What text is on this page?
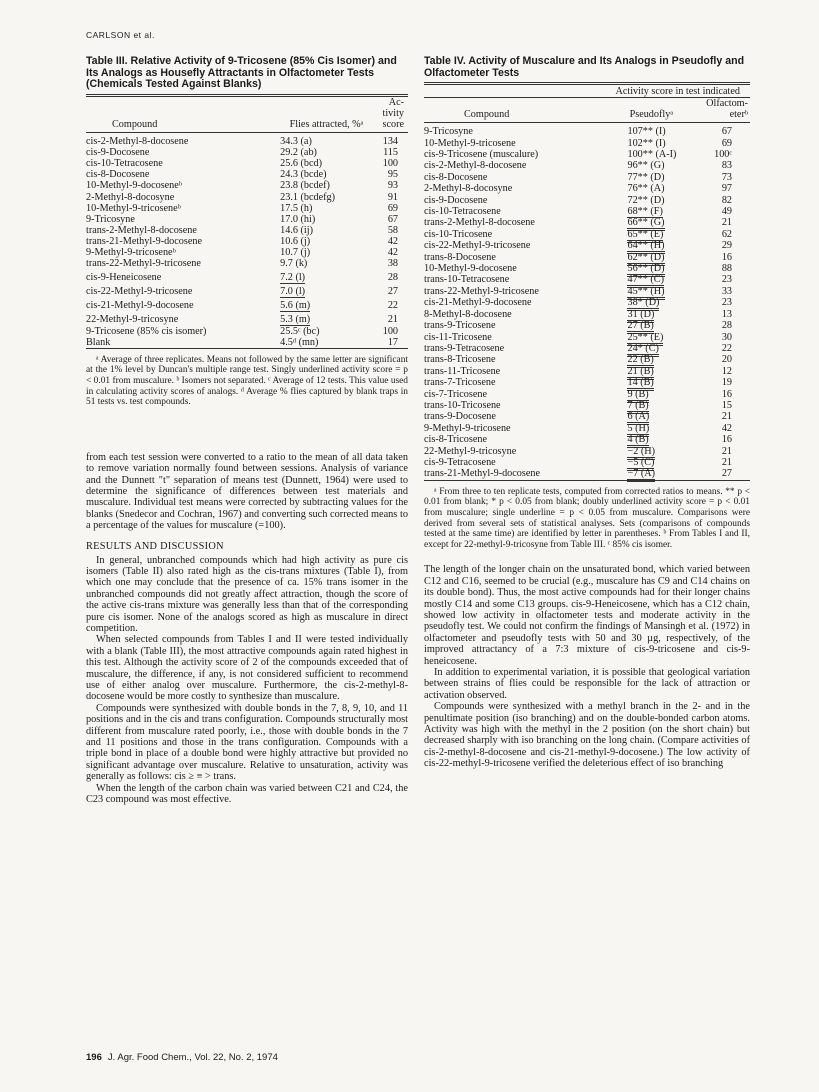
CARLSON et al.

Table III. Relative Activity of 9-Tricosene (85% Cis Isomer) and Its Analogs as Housefly Attractants in Olfactometer Tests (Chemicals Tested Against Blanks)

Compound	Flies attracted, %ᵃ	Ac- tivity score
cis-2-Methyl-8-docosene	34.3 (a)	134
cis-9-Docosene	29.2 (ab)	115
cis-10-Tetracosene	25.6 (bcd)	100
cis-8-Docosene	24.3 (bcde)	95
10-Methyl-9-docoseneᵇ	23.8 (bcdef)	93
2-Methyl-8-docosyne	23.1 (bcdefg)	91
10-Methyl-9-tricoseneᵇ	17.5 (h)	69
9-Tricosyne	17.0 (hi)	67
trans-2-Methyl-8-docosene	14.6 (ij)	58
trans-21-Methyl-9-docosene	10.6 (j)	42
9-Methyl-9-tricoseneᵇ	10.7 (j)	42
trans-22-Methyl-9-tricosene	9.7 (k)	38
cis-9-Heneicosene	7.2 (l)	28
cis-22-Methyl-9-tricosene	7.0 (l)	27
cis-21-Methyl-9-docosene	5.6 (m)	22
22-Methyl-9-tricosyne	5.3 (m)	21
9-Tricosene (85% cis isomer)	25.5ᶜ (bc)	100
Blank	4.5ᵈ (mn)	17

ᵃ Average of three replicates. Means not followed by the same letter are significant at the 1% level by Duncan's multiple range test. Singly underlined activity score = p < 0.01 from muscalure. ᵇ Isomers not separated. ᶜ Average of 12 tests. This value used in calculating activity scores of analogs. ᵈ Average % flies captured by blank traps in 51 tests vs. test compounds.

from each test session were converted to a ratio to the mean of all data taken to remove variation normally found between sessions. Analysis of variance and the Dunnett "t" separation of means test (Dunnett, 1964) were used to determine the significance of differences between test materials and muscalure. Individual test means were corrected by subtracting values for the blanks (Snedecor and Cochran, 1967) and converting such corrected means to a percentage of the values for muscalure (=100).

RESULTS AND DISCUSSION

In general, unbranched compounds which had high activity as pure cis isomers (Table II) also rated high as the cis-trans mixtures (Table I), from which one may conclude that the presence of ca. 15% trans isomer in the unbranched compounds did not greatly affect attraction, though the score of the active cis-trans mixture was generally less than that of the corresponding pure cis isomer. None of the analogs scored as high as muscalure in direct competition.

When selected compounds from Tables I and II were tested individually with a blank (Table III), the most attractive compounds again rated highest in this test. Although the activity score of 2 of the compounds exceeded that of muscalure, the difference, if any, is not considered sufficient to recommend use of either analog over muscalure. Furthermore, the cis-2-methyl-8-docosene would be more costly to synthesize than muscalure.

Compounds were synthesized with double bonds in the 7, 8, 9, 10, and 11 positions and in the cis and trans configuration. Compounds structurally most different from muscalure rated poorly, i.e., those with double bonds in the 7 and 11 positions and those in the trans configuration. Compounds with a triple bond in place of a double bond were highly attractive but provided no significant advantage over muscalure. Relative to unsaturation, activity was generally as follows: cis ≥ ≡ > trans.

When the length of the carbon chain was varied between C21 and C24, the C23 compound was most effective.

Table IV. Activity of Muscalure and Its Analogs in Pseudofly and Olfactometer Tests

	Activity score in test indicated	
Compound	Pseudoflyᵃ	Olfactom- eterᵇ
9-Tricosyne	107** (I)	67
10-Methyl-9-tricosene	102** (I)	69
cis-9-Tricosene (muscalure)	100** (A-I)	100ᶜ
cis-2-Methyl-8-docosene	96** (G)	83
cis-8-Docosene	77** (D)	73
2-Methyl-8-docosyne	76** (A)	97
cis-9-Docosene	72** (D)	82
cis-10-Tetracosene	68** (F)	49
trans-2-Methyl-8-docosene	66** (G)	21
cis-10-Tricosene	65** (E)	62
cis-22-Methyl-9-tricosene	64** (H)	29
trans-8-Docosene	62** (D)	16
10-Methyl-9-docosene	56** (D)	88
trans-10-Tetracosene	47** (C)	23
trans-22-Methyl-9-tricosene	45** (H)	33
cis-21-Methyl-9-docosene	38* (D)	23
8-Methyl-8-docosene	31 (D)	13
trans-9-Tricosene	27 (B)	28
cis-11-Tricosene	25** (E)	30
trans-9-Tetracosene	24* (C)	22
trans-8-Tricosene	22 (B)	20
trans-11-Tricosene	21 (B)	12
trans-7-Tricosene	14 (B)	19
cis-7-Tricosene	9 (B)	16
trans-10-Tricosene	7 (B)	15
trans-9-Docosene	6 (A)	21
9-Methyl-9-tricosene	5 (H)	42
cis-8-Tricosene	4 (B)	16
22-Methyl-9-tricosyne	−2 (H)	21
cis-9-Tetracosene	−5 (C)	21
trans-21-Methyl-9-docosene	−7 (A)	27

ᵃ From three to ten replicate tests, computed from corrected ratios to means. ** p < 0.01 from blank; * p < 0.05 from blank; doubly underlined activity score = p < 0.01 from muscalure; single underline = p < 0.05 from muscalure. Comparisons were derived from several sets of statistical analyses. Sets (comparisons of compounds tested at the same time) are identified by letter in parentheses. ᵇ From Tables I and II, except for 22-methyl-9-tricosyne from Table III. ᶜ 85% cis isomer.

The length of the longer chain on the unsaturated bond, which varied between C12 and C16, seemed to be crucial (e.g., muscalure has C9 and C14 chains on its double bond). Thus, the most active compounds had for their longer chains mostly C14 and some C13 groups. cis-9-Heneicosene, which has a C12 chain, showed low activity in olfactometer tests and moderate activity in the pseudofly test. We could not confirm the findings of Mansingh et al. (1972) in olfactometer and pseudofly tests with 50 and 30 µg, respectively, of the improved attractancy of a 7:3 mixture of cis-9-tricosene and cis-9-heneicosene.

In addition to experimental variation, it is possible that geological variation between strains of flies could be responsible for the lack of attraction or activation observed.

Compounds were synthesized with a methyl branch in the 2- and in the penultimate position (iso branching) and on the double-bonded carbon atoms. Activity was high with the methyl in the 2 position (on the short chain) but decreased sharply with iso branching on the long chain. (Compare activities of cis-2-methyl-8-docosene and cis-21-methyl-9-docosene.) The low activity of cis-22-methyl-9-tricosene verified the deleterious effect of iso branching

196 J. Agr. Food Chem., Vol. 22, No. 2, 1974
